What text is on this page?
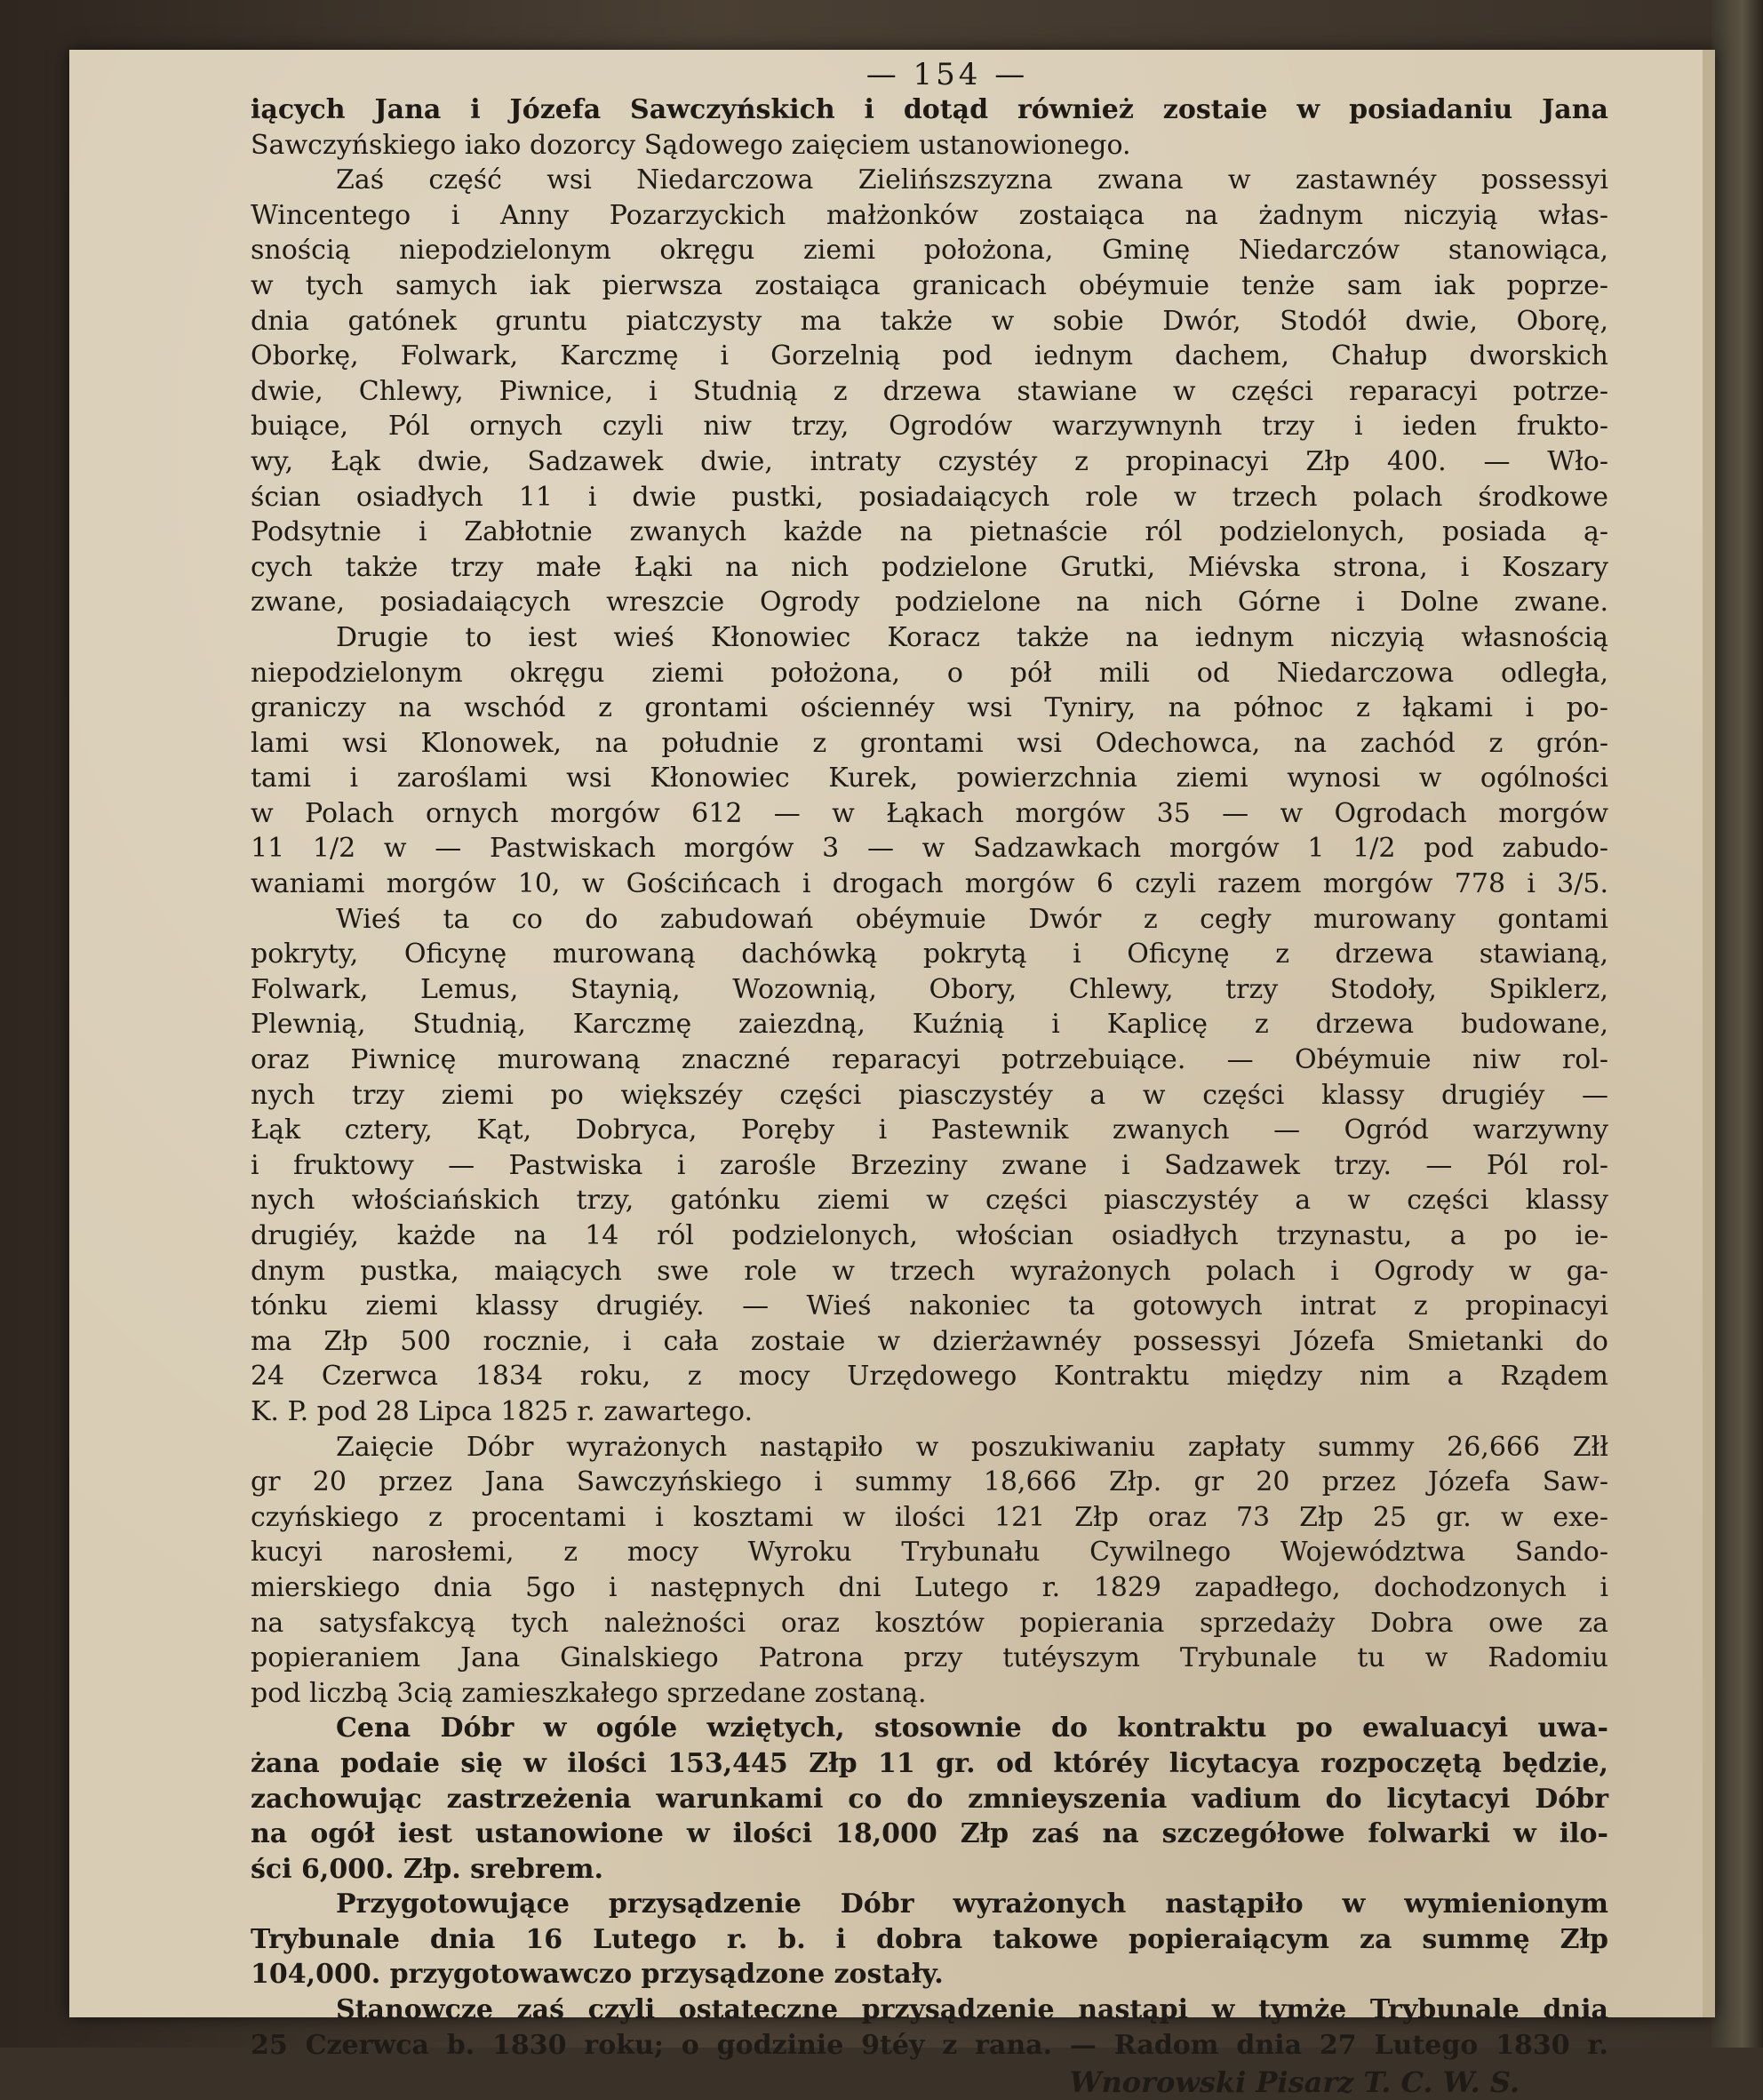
— 154 —
iących Jana i Józefa Sawczyńskich i dotąd również zostaie w posiadaniu Jana
Sawczyńskiego iako dozorcy Sądowego zaięciem ustanowionego.
Zaś część wsi Niedarczowa Zielińszszyzna zwana w zastawnéy possessyi
Wincentego i Anny Pozarzyckich małżonków zostaiąca na żadnym niczyią włas-
snością niepodzielonym okręgu ziemi położona, Gminę Niedarczów stanowiąca,
w tych samych iak pierwsza zostaiąca granicach obéymuie tenże sam iak poprze-
dnia gatónek gruntu piatczysty ma także w sobie Dwór, Stodół dwie, Oborę,
Oborkę, Folwark, Karczmę i Gorzelnią pod iednym dachem, Chałup dworskich
dwie, Chlewy, Piwnice, i Studnią z drzewa stawiane w części reparacyi potrze-
buiące, Pól ornych czyli niw trzy, Ogrodów warzywnynh trzy i ieden frukto-
wy, Łąk dwie, Sadzawek dwie, intraty czystéy z propinacyi Złp 400. — Wło-
ścian osiadłych 11 i dwie pustki, posiadaiących role w trzech polach środkowe
Podsytnie i Zabłotnie zwanych każde na pietnaście ról podzielonych, posiada ą-
cych także trzy małe Łąki na nich podzielone Grutki, Miévska strona, i Koszary
zwane, posiadaiących wreszcie Ogrody podzielone na nich Górne i Dolne zwane.
Drugie to iest wieś Kłonowiec Koracz także na iednym niczyią własnością
niepodzielonym okręgu ziemi położona, o pół mili od Niedarczowa odległa,
graniczy na wschód z grontami ościennéy wsi Tyniry, na północ z łąkami i po-
lami wsi Klonowek, na południe z grontami wsi Odechowca, na zachód z grón-
tami i zaroślami wsi Kłonowiec Kurek, powierzchnia ziemi wynosi w ogólności
w Polach ornych morgów 612 — w Łąkach morgów 35 — w Ogrodach morgów
11 1/2 w — Pastwiskach morgów 3 — w Sadzawkach morgów 1 1/2 pod zabudo-
waniami morgów 10, w Gościńcach i drogach morgów 6 czyli razem morgów 778 i 3/5.
Wieś ta co do zabudowań obéymuie Dwór z cegły murowany gontami
pokryty, Oficynę murowaną dachówką pokrytą i Oficynę z drzewa stawianą,
Folwark, Lemus, Staynią, Wozownią, Obory, Chlewy, trzy Stodoły, Spiklerz,
Plewnią, Studnią, Karczmę zaiezdną, Kuźnią i Kaplicę z drzewa budowane,
oraz Piwnicę murowaną znaczné reparacyi potrzebuiące. — Obéymuie niw rol-
nych trzy ziemi po większéy części piasczystéy a w części klassy drugiéy —
Łąk cztery, Kąt, Dobryca, Poręby i Pastewnik zwanych — Ogród warzywny
i fruktowy — Pastwiska i zarośle Brzeziny zwane i Sadzawek trzy. — Pól rol-
nych włościańskich trzy, gatónku ziemi w części piasczystéy a w części klassy
drugiéy, każde na 14 ról podzielonych, włościan osiadłych trzynastu, a po ie-
dnym pustka, maiących swe role w trzech wyrażonych polach i Ogrody w ga-
tónku ziemi klassy drugiéy. — Wieś nakoniec ta gotowych intrat z propinacyi
ma Złp 500 rocznie, i cała zostaie w dzierżawnéy possessyi Józefa Smietanki do
24 Czerwca 1834 roku, z mocy Urzędowego Kontraktu między nim a Rządem
K. P. pod 28 Lipca 1825 r. zawartego.
Zaięcie Dóbr wyrażonych nastąpiło w poszukiwaniu zapłaty summy 26,666 Złł
gr 20 przez Jana Sawczyńskiego i summy 18,666 Złp. gr 20 przez Józefa Saw-
czyńskiego z procentami i kosztami w ilości 121 Złp oraz 73 Złp 25 gr. w exe-
kucyi narosłemi, z mocy Wyroku Trybunału Cywilnego Województwa Sando-
mierskiego dnia 5go i następnych dni Lutego r. 1829 zapadłego, dochodzonych i
na satysfakcyą tych należności oraz kosztów popierania sprzedaży Dobra owe za
popieraniem Jana Ginalskiego Patrona przy tutéyszym Trybunale tu w Radomiu
pod liczbą 3cią zamieszkałego sprzedane zostaną.
Cena Dóbr w ogóle wziętych, stosownie do kontraktu po ewaluacyi uwa-
żana podaie się w ilości 153,445 Złp 11 gr. od któréy licytacya rozpoczętą będzie,
zachowując zastrzeżenia warunkami co do zmnieyszenia vadium do licytacyi Dóbr
na ogół iest ustanowione w ilości 18,000 Złp zaś na szczegółowe folwarki w ilo-
ści 6,000. Złp. srebrem.
Przygotowujące przysądzenie Dóbr wyrażonych nastąpiło w wymienionym
Trybunale dnia 16 Lutego r. b. i dobra takowe popieraiącym za summę Złp
104,000. przygotowawczo przysądzone zostały.
Stanowcze zaś czyli ostateczne przysądzenie nastąpi w tymże Trybunale dnia
25 Czerwca b. 1830 roku; o godzinie 9téy z rana. — Radom dnia 27 Lutego 1830 r.
Wnorowski Pisarz T. C. W. S.
